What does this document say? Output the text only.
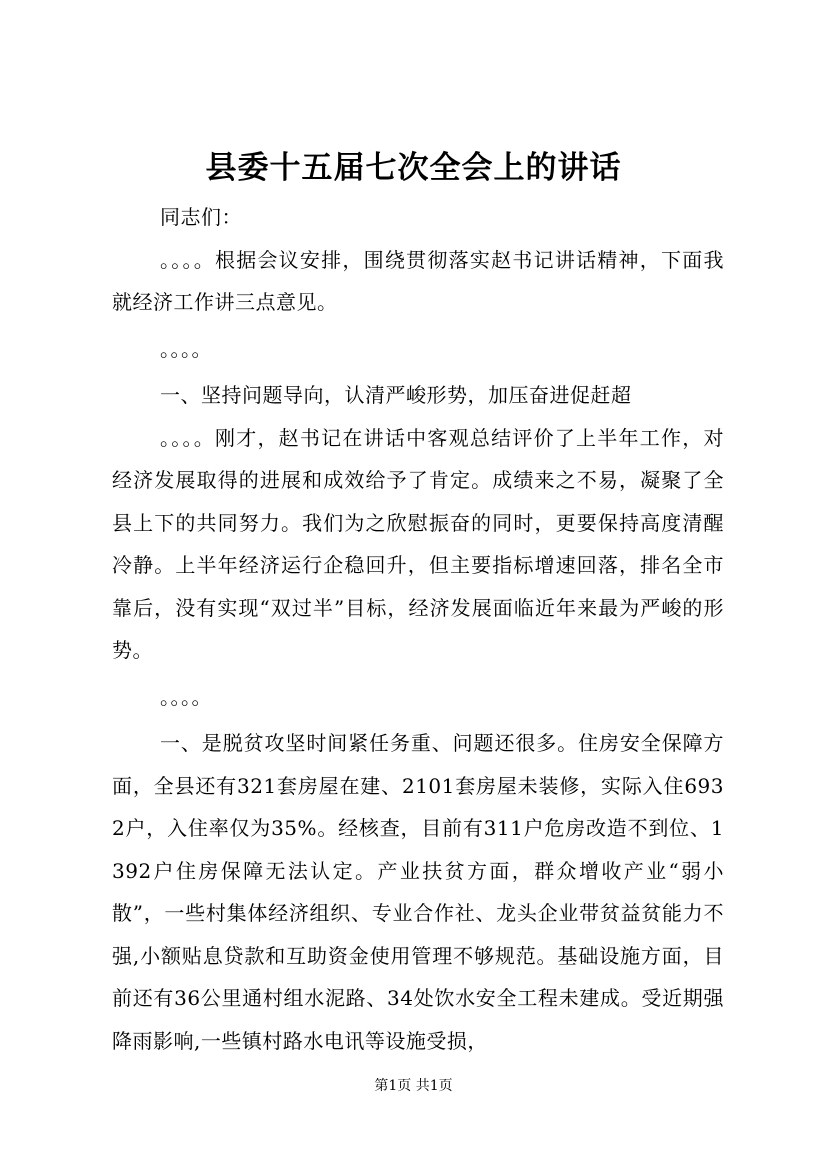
县委十五届七次全会上的讲话

同志们：

。。。。根据会议安排，围绕贯彻落实赵书记讲话精神，下面我就经济工作讲三点意见。

。。。。

一、坚持问题导向，认清严峻形势，加压奋进促赶超

。。。。刚才，赵书记在讲话中客观总结评价了上半年工作，对经济发展取得的进展和成效给予了肯定。成绩来之不易，凝聚了全县上下的共同努力。我们为之欣慰振奋的同时，更要保持高度清醒冷静。上半年经济运行企稳回升，但主要指标增速回落，排名全市靠后，没有实现“双过半”目标，经济发展面临近年来最为严峻的形势。

。。。。

一、是脱贫攻坚时间紧任务重、问题还很多。住房安全保障方面，全县还有321套房屋在建、2101套房屋未装修，实际入住6932户，入住率仅为35%。经核查，目前有311户危房改造不到位、1392户住房保障无法认定。产业扶贫方面，群众增收产业“弱小散”，一些村集体经济组织、专业合作社、龙头企业带贫益贫能力不强,小额贴息贷款和互助资金使用管理不够规范。基础设施方面，目前还有36公里通村组水泥路、34处饮水安全工程未建成。受近期强降雨影响,一些镇村路水电讯等设施受损，

第1页 共1页
